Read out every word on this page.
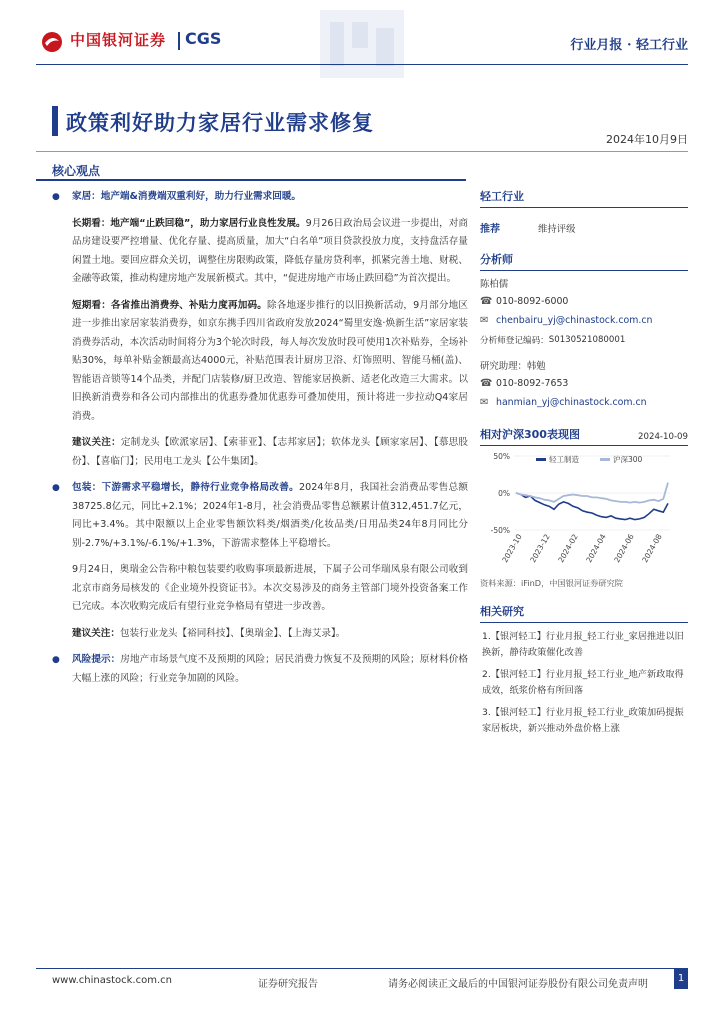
中国银河证券 CGS	行业月报 · 轻工行业
政策利好助力家居行业需求修复
2024年10月9日
核心观点
● 家居：地产端&消费端双重利好，助力行业需求回暖。
长期看：地产端“止跌回稳”，助力家居行业良性发展。9月26日政治局会议进一步提出，对商品房建设要严控增量、优化存量、提高质量，加大“白名单”项目贷款投放力度，支持盘活存量闲置土地。要回应群众关切，调整住房限购政策，降低存量房贷利率，抓紧完善土地、财税、金融等政策，推动构建房地产发展新模式。其中，“促进房地产市场止跌回稳”为首次提出。
短期看：各省推出消费券、补贴力度再加码。除各地逐步推行的以旧换新活动，9月部分地区进一步推出家居家装消费券，如京东携手四川省政府发放2024“蜀里安逸·焕新生活”家居家装消费券活动，本次活动时间将分为3个轮次时段，每人每次发放时段可使用1次补贴券，全场补贴30%，每单补贴金额最高达4000元，补贴范围表计厨房卫浴、灯饰照明、智能马桶(盖)、智能语音锁等14个品类，并配门店装修/厨卫改造、智能家居换新、适老化改造三大需求。以旧换新消费券和各公司内部推出的优惠券叠加优惠券可叠加使用，预计将进一步拉动Q4家居消费。
建议关注：定制龙头【欧派家居】、【索菲亚】、【志邦家居】；软体龙头【顾家家居】、【慕思股份】、【喜临门】；民用电工龙头【公牛集团】。
● 包装：下游需求平稳增长，静待行业竞争格局改善。2024年8月，我国社会消费品零售总额38725.8亿元，同比+2.1%；2024年1-8月，社会消费品零售总额累计值312,451.7亿元，同比+3.4%。其中限额以上企业零售额饮料类/烟酒类/化妆品类/日用品类24年8月同比分别-2.7%/+3.1%/-6.1%/+1.3%，下游需求整体上平稳增长。
9月24日，奥瑞金公告称中粮包装要约收购事项最新进展，下属子公司华瑞凤泉有限公司收到北京市商务局核发的《企业境外投资证书》。本次交易涉及的商务主管部门境外投资备案工作已完成。本次收购完成后有望行业竞争格局有望进一步改善。
建议关注：包装行业龙头【裕同科技】、【奥瑞金】、【上海艾录】。
● 风险提示：房地产市场景气度不及预期的风险；居民消费力恢复不及预期的风险；原材料价格大幅上涨的风险；行业竞争加剧的风险。
轻工行业
推荐	维持评级
分析师
陈柏儒
☎ 010-8092-6000
✉ chenbairu_yj@chinastock.com.cn
分析师登记编码： S0130521080001
研究助理：韩勉
☎ 010-8092-7653
✉ hanmian_yj@chinastock.com.cn
相对沪深300表现图	2024-10-09
50%
0%
-50%
2023-10 2023-12 2024-02 2024-04 2024-06 2024-08
轻工制造	沪深300
资料来源：iFinD，中国银河证券研究院
相关研究
1.【银河轻工】行业月报_轻工行业_家居推进以旧换新，静待政策催化改善
2.【银河轻工】行业月报_轻工行业_地产新政取得成效，纸浆价格有所回落
3.【银河轻工】行业月报_轻工行业_政策加码提振家居板块，新兴推动外盘价格上涨
www.chinastock.com.cn	证券研究报告	请务必阅读正文最后的中国银河证券股份有限公司免责声明
1
